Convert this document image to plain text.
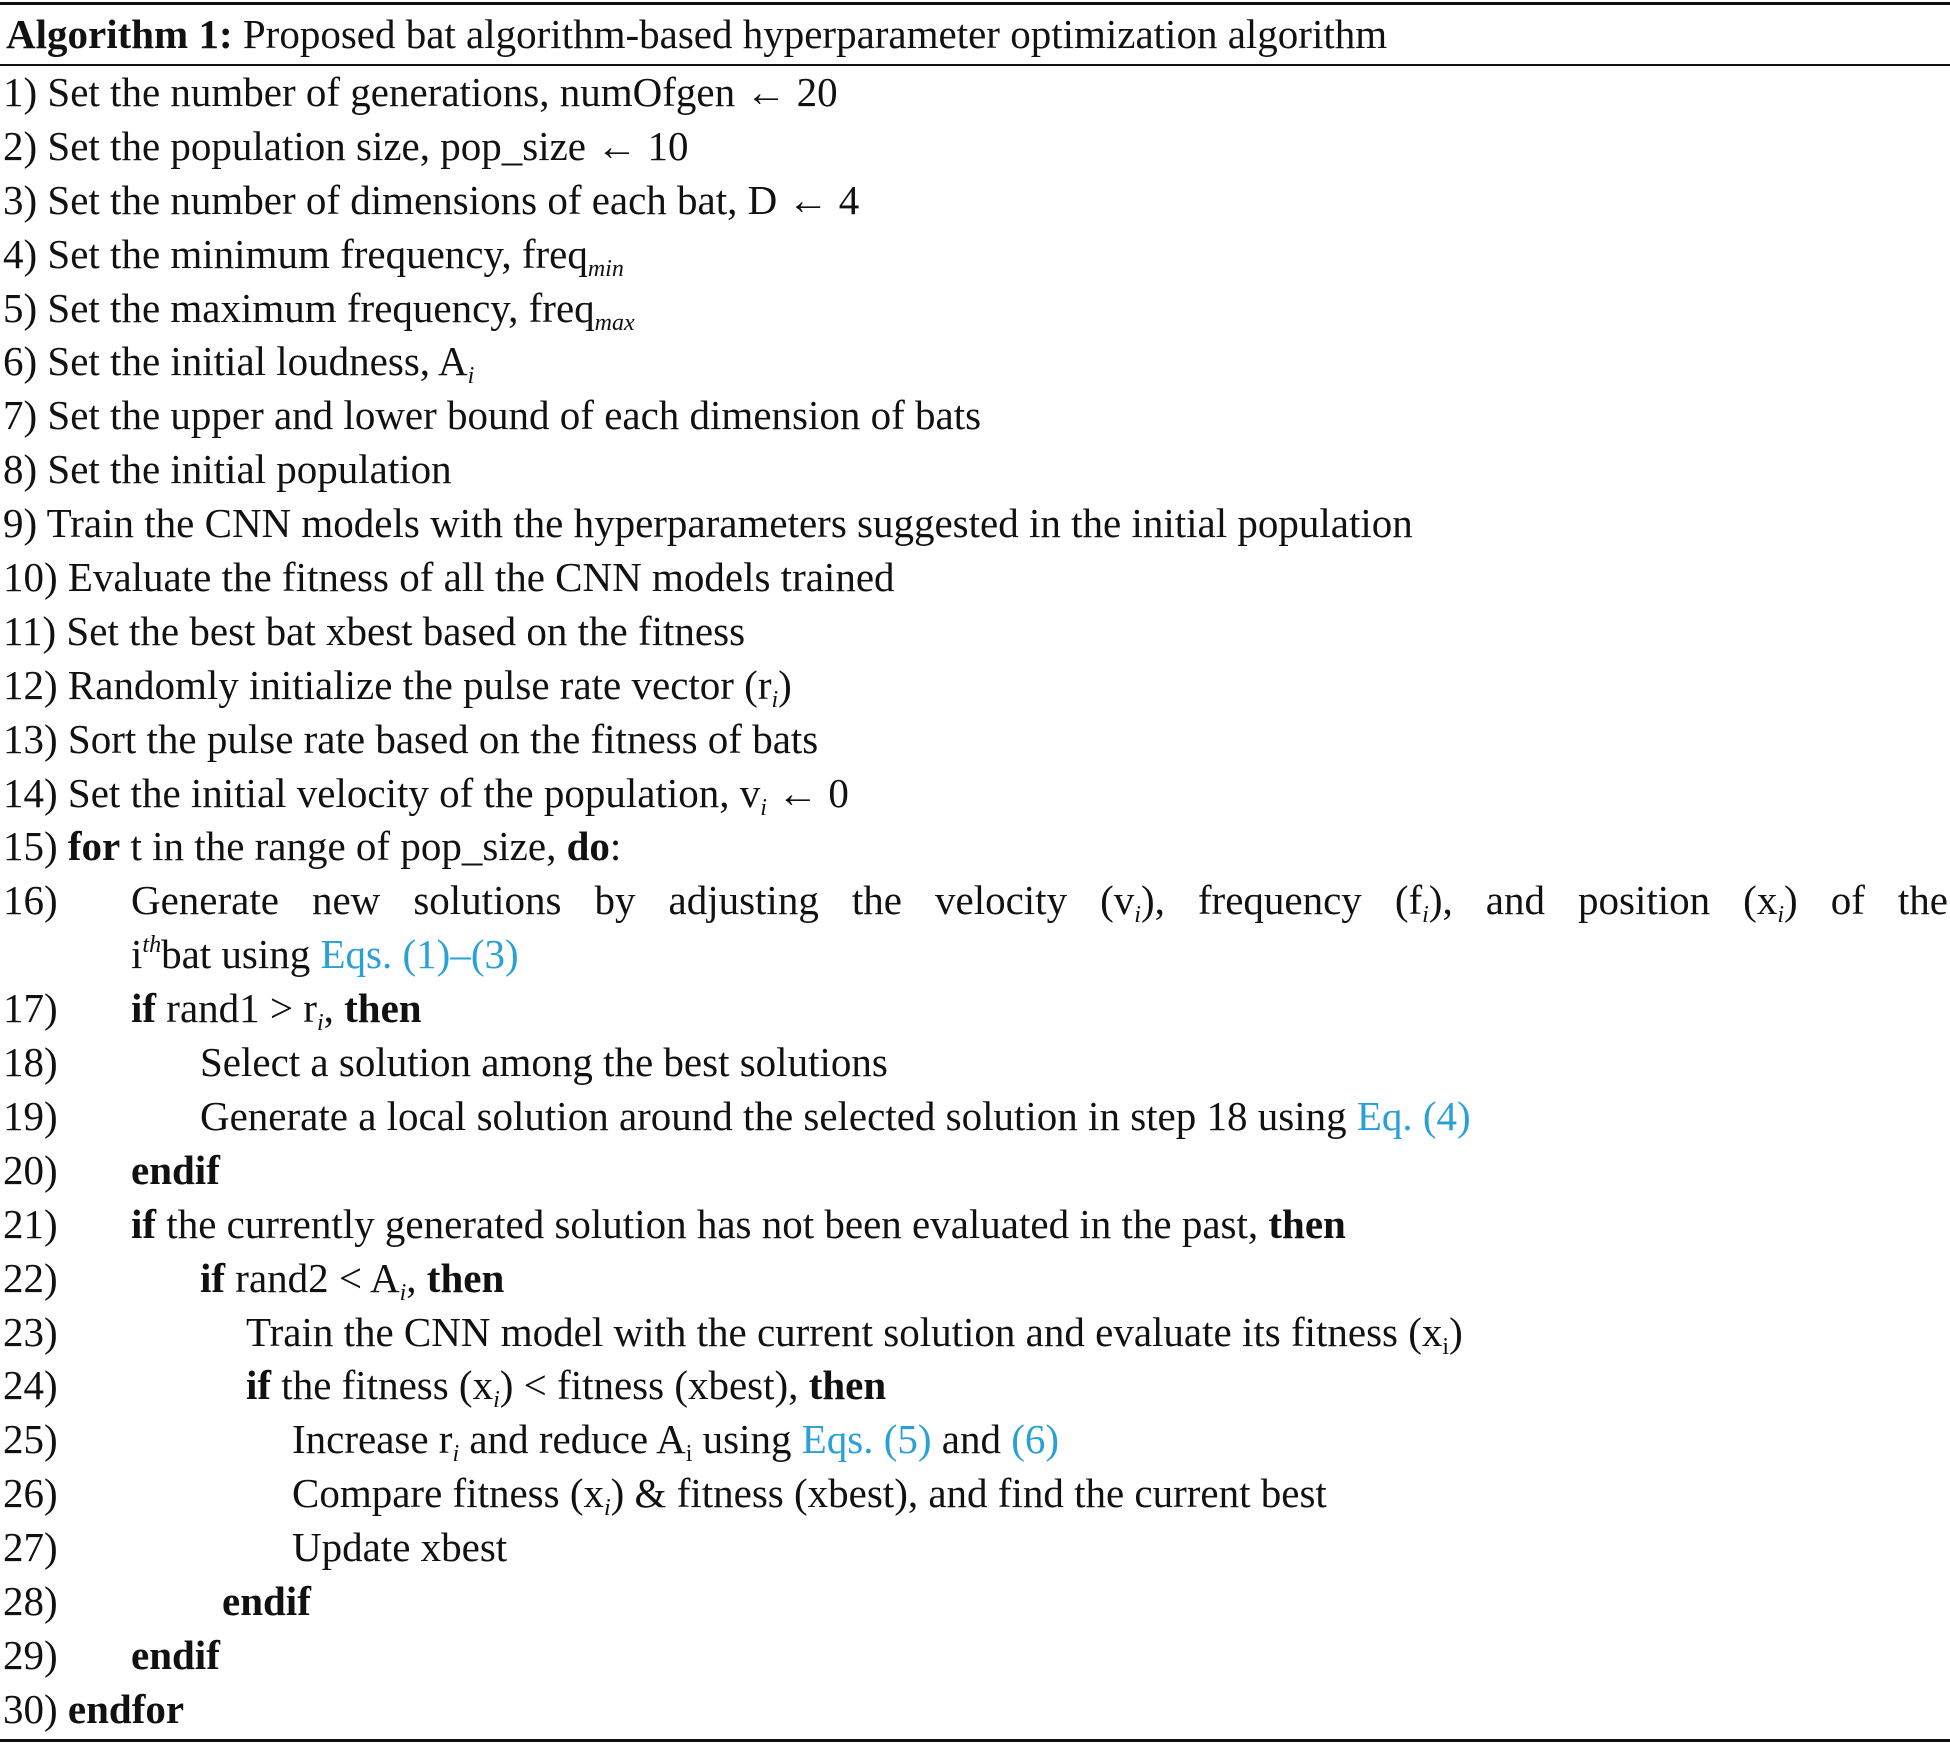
Algorithm 1: Proposed bat algorithm-based hyperparameter optimization algorithm
1) Set the number of generations, numOfgen ← 20
2) Set the population size, pop_size ← 10
3) Set the number of dimensions of each bat, D ← 4
4) Set the minimum frequency, freq$_{min}$
5) Set the maximum frequency, freq$_{max}$
6) Set the initial loudness, $A_i$
7) Set the upper and lower bound of each dimension of bats
8) Set the initial population
9) Train the CNN models with the hyperparameters suggested in the initial population
10) Evaluate the fitness of all the CNN models trained
11) Set the best bat xbest based on the fitness
12) Randomly initialize the pulse rate vector $(r_i)$
13) Sort the pulse rate based on the fitness of bats
14) Set the initial velocity of the population, $v_i$ ← 0
15) for t in the range of pop_size, do:
16) Generate new solutions by adjusting the velocity $(v_i)$, frequency $(f_i)$, and position $(x_i)$ of the
$i^{th}bat$ using Eqs. (1)–(3)
17) if rand1 > $r_i$, then
18)	Select a solution among the best solutions
19)	Generate a local solution around the selected solution in step 18 using Eq. (4)
20) endif
21) if the currently generated solution has not been evaluated in the past, then
22)	if rand2 < $A_i$, then
23)	Train the CNN model with the current solution and evaluate its fitness (xi)
24)	if the fitness $(x_i)$ < fitness (xbest), then
25)	Increase $r_i$ and reduce Ai using Eqs. (5) and (6)
26)	Compare fitness $(x_i)$ & fitness (xbest), and find the current best
27)	Update xbest
28)	endif
29) endif
30) endfor
